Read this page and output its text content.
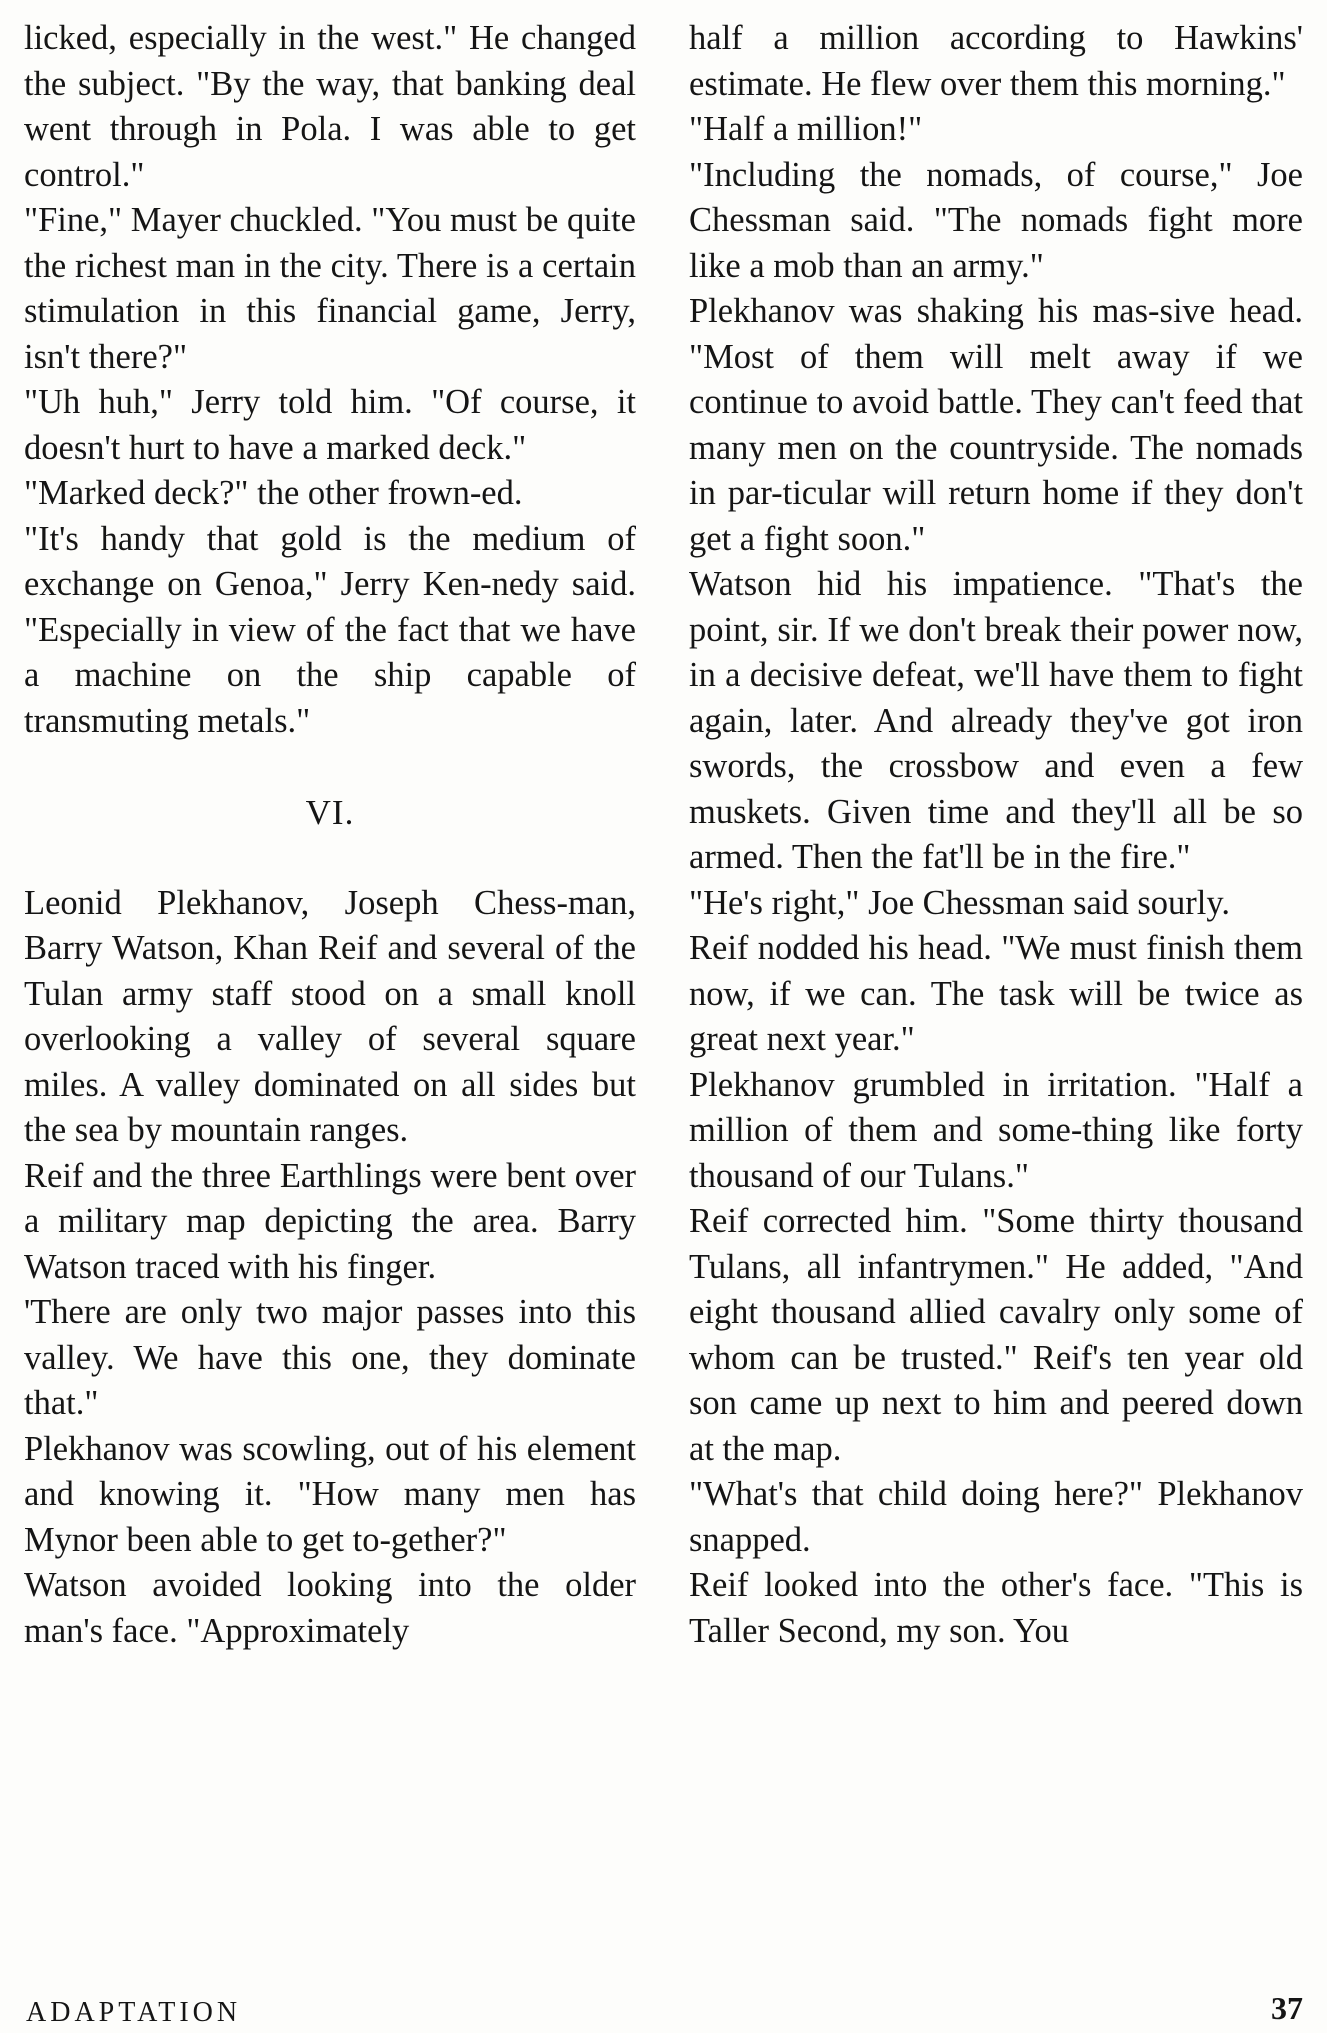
licked, especially in the west." He changed the subject. "By the way, that banking deal went through in Pola. I was able to get control."

"Fine," Mayer chuckled. "You must be quite the richest man in the city. There is a certain stimulation in this financial game, Jerry, isn't there?"

"Uh huh," Jerry told him. "Of course, it doesn't hurt to have a marked deck."

"Marked deck?" the other frown-ed.

"It's handy that gold is the medium of exchange on Genoa," Jerry Ken-nedy said. "Especially in view of the fact that we have a machine on the ship capable of transmuting metals."

VI.

Leonid Plekhanov, Joseph Chess-man, Barry Watson, Khan Reif and several of the Tulan army staff stood on a small knoll overlooking a valley of several square miles. A valley dominated on all sides but the sea by mountain ranges.

Reif and the three Earthlings were bent over a military map depicting the area. Barry Watson traced with his finger.

'There are only two major passes into this valley. We have this one, they dominate that."

Plekhanov was scowling, out of his element and knowing it. "How many men has Mynor been able to get to-gether?"

Watson avoided looking into the older man's face. "Approximately

half a million according to Hawkins' estimate. He flew over them this morning."

"Half a million!"

"Including the nomads, of course," Joe Chessman said. "The nomads fight more like a mob than an army."

Plekhanov was shaking his mas-sive head. "Most of them will melt away if we continue to avoid battle. They can't feed that many men on the countryside. The nomads in par-ticular will return home if they don't get a fight soon."

Watson hid his impatience. "That's the point, sir. If we don't break their power now, in a decisive defeat, we'll have them to fight again, later. And already they've got iron swords, the crossbow and even a few muskets. Given time and they'll all be so armed. Then the fat'll be in the fire."

"He's right," Joe Chessman said sourly.

Reif nodded his head. "We must finish them now, if we can. The task will be twice as great next year."

Plekhanov grumbled in irritation. "Half a million of them and some-thing like forty thousand of our Tulans."

Reif corrected him. "Some thirty thousand Tulans, all infantrymen." He added, "And eight thousand allied cavalry only some of whom can be trusted." Reif's ten year old son came up next to him and peered down at the map.

"What's that child doing here?" Plekhanov snapped.

Reif looked into the other's face. "This is Taller Second, my son. You

ADAPTATION	37
